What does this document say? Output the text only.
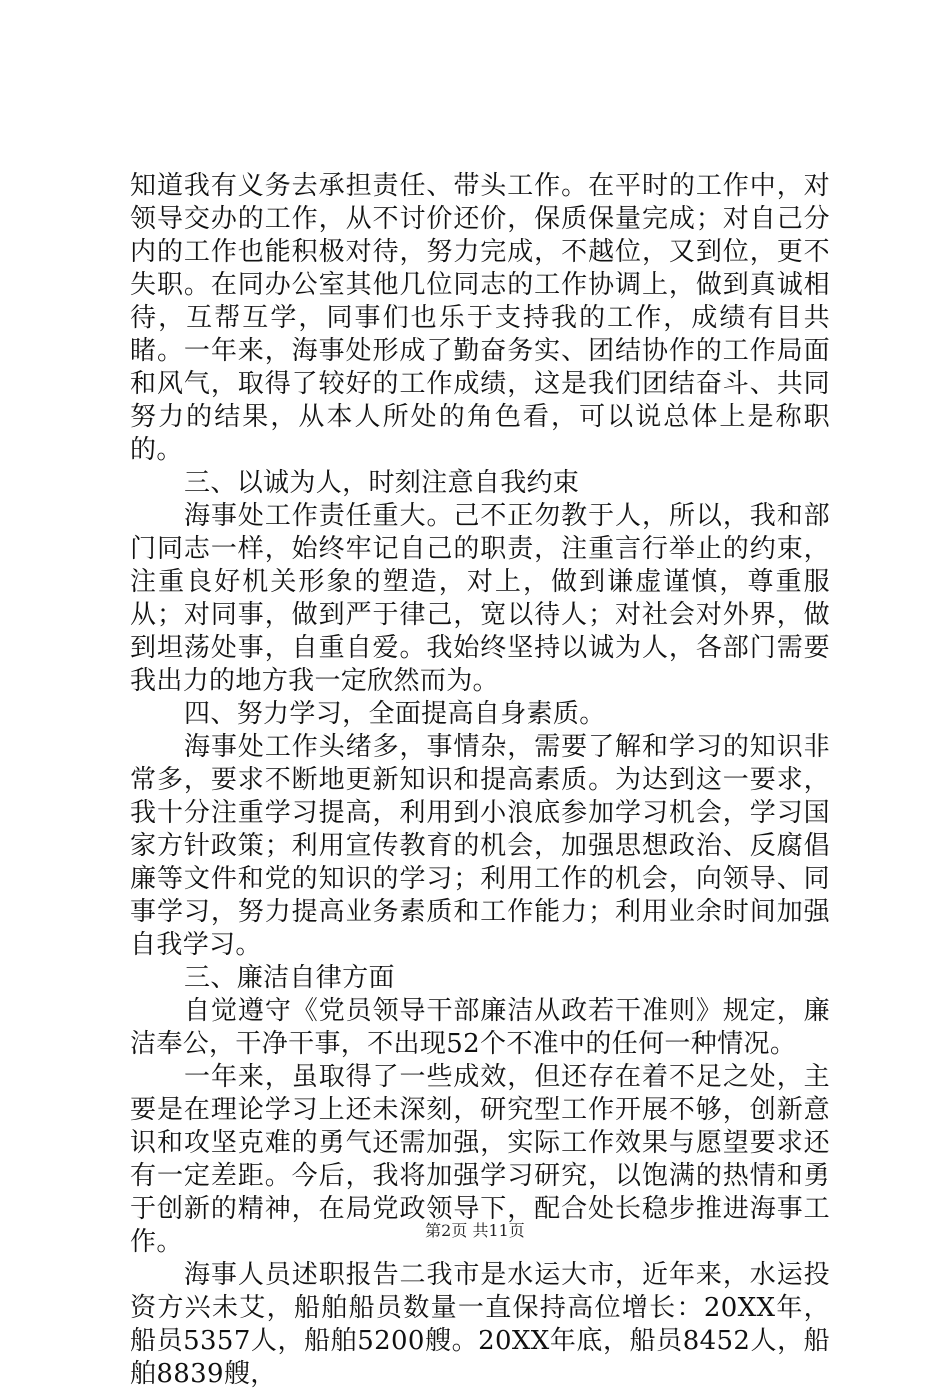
知道我有义务去承担责任、带头工作。在平时的工作中，对领导交办的工作，从不讨价还价，保质保量完成；对自己分内的工作也能积极对待，努力完成，不越位，又到位，更不失职。在同办公室其他几位同志的工作协调上，做到真诚相待，互帮互学，同事们也乐于支持我的工作，成绩有目共睹。一年来，海事处形成了勤奋务实、团结协作的工作局面和风气，取得了较好的工作成绩，这是我们团结奋斗、共同努力的结果，从本人所处的角色看，可以说总体上是称职的。

三、以诚为人，时刻注意自我约束

海事处工作责任重大。己不正勿教于人，所以，我和部门同志一样，始终牢记自己的职责，注重言行举止的约束，注重良好机关形象的塑造，对上，做到谦虚谨慎，尊重服从；对同事，做到严于律己，宽以待人；对社会对外界，做到坦荡处事，自重自爱。我始终坚持以诚为人，各部门需要我出力的地方我一定欣然而为。

四、努力学习，全面提高自身素质。

海事处工作头绪多，事情杂，需要了解和学习的知识非常多，要求不断地更新知识和提高素质。为达到这一要求，我十分注重学习提高，利用到小浪底参加学习机会，学习国家方针政策；利用宣传教育的机会，加强思想政治、反腐倡廉等文件和党的知识的学习；利用工作的机会，向领导、同事学习，努力提高业务素质和工作能力；利用业余时间加强自我学习。

三、廉洁自律方面

自觉遵守《党员领导干部廉洁从政若干准则》规定，廉洁奉公，干净干事，不出现52个不准中的任何一种情况。

一年来，虽取得了一些成效，但还存在着不足之处，主要是在理论学习上还未深刻，研究型工作开展不够，创新意识和攻坚克难的勇气还需加强，实际工作效果与愿望要求还有一定差距。今后，我将加强学习研究，以饱满的热情和勇于创新的精神，在局党政领导下，配合处长稳步推进海事工作。

海事人员述职报告二我市是水运大市，近年来，水运投资方兴未艾，船舶船员数量一直保持高位增长：20XX年，船员5357人，船舶5200艘。20XX年底，船员8452人，船舶8839艘，

第2页 共11页
